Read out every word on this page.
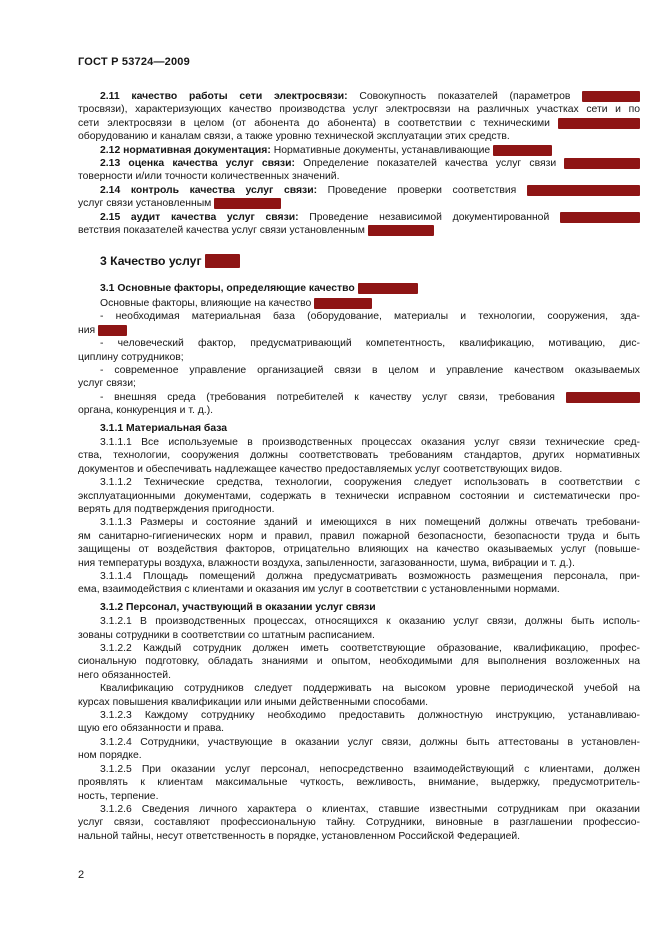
ГОСТ Р 53724—2009
2.11 качество работы сети электросвязи: Совокупность показателей (параметров
тросвязи), характеризующих качество производства услуг электросвязи на различных участках сети и по
сети электросвязи в целом (от абонента до абонента) в соответствии с техническими
оборудованию и каналам связи, а также уровню технической эксплуатации этих средств.
2.12 нормативная документация: Нормативные документы, устанавливающие
2.13 оценка качества услуг связи: Определение показателей качества услуг связи
товерности и/или точности количественных значений.
2.14 контроль качества услуг связи: Проведение проверки соответствия
услуг связи установленным
2.15 аудит качества услуг связи: Проведение независимой документированной
ветствия показателей качества услуг связи установленным
3 Качество услуг
3.1 Основные факторы, определяющие качество
Основные факторы, влияющие на качество
- необходимая материальная база (оборудование, материалы и технологии, сооружения, зда-
ния
- человеческий фактор, предусматривающий компетентность, квалификацию, мотивацию, дис-
циплину сотрудников;
- современное управление организацией связи в целом и управление качеством оказываемых
услуг связи;
- внешняя среда (требования потребителей к качеству услуг связи, требования
органа, конкуренция и т. д.).
3.1.1 Материальная база
3.1.1.1 Все используемые в производственных процессах оказания услуг связи технические сред-
ства, технологии, сооружения должны соответствовать требованиям стандартов, других нормативных
документов и обеспечивать надлежащее качество предоставляемых услуг соответствующих видов.
3.1.1.2 Технические средства, технологии, сооружения следует использовать в соответствии с
эксплуатационными документами, содержать в технически исправном состоянии и систематически про-
верять для подтверждения пригодности.
3.1.1.3 Размеры и состояние зданий и имеющихся в них помещений должны отвечать требовани-
ям санитарно-гигиенических норм и правил, правил пожарной безопасности, безопасности труда и быть
защищены от воздействия факторов, отрицательно влияющих на качество оказываемых услуг (повыше-
ния температуры воздуха, влажности воздуха, запыленности, загазованности, шума, вибрации и т. д.).
3.1.1.4 Площадь помещений должна предусматривать возможность размещения персонала, при-
ема, взаимодействия с клиентами и оказания им услуг в соответствии с установленными нормами.
3.1.2 Персонал, участвующий в оказании услуг связи
3.1.2.1 В производственных процессах, относящихся к оказанию услуг связи, должны быть исполь-
зованы сотрудники в соответствии со штатным расписанием.
3.1.2.2 Каждый сотрудник должен иметь соответствующие образование, квалификацию, профес-
сиональную подготовку, обладать знаниями и опытом, необходимыми для выполнения возложенных на
него обязанностей.
Квалификацию сотрудников следует поддерживать на высоком уровне периодической учебой на
курсах повышения квалификации или иными действенными способами.
3.1.2.3 Каждому сотруднику необходимо предоставить должностную инструкцию, устанавливаю-
щую его обязанности и права.
3.1.2.4 Сотрудники, участвующие в оказании услуг связи, должны быть аттестованы в установлен-
ном порядке.
3.1.2.5 При оказании услуг персонал, непосредственно взаимодействующий с клиентами, должен
проявлять к клиентам максимальные чуткость, вежливость, внимание, выдержку, предусмотритель-
ность, терпение.
3.1.2.6 Сведения личного характера о клиентах, ставшие известными сотрудникам при оказании
услуг связи, составляют профессиональную тайну. Сотрудники, виновные в разглашении профессио-
нальной тайны, несут ответственность в порядке, установленном Российской Федерацией.
2
